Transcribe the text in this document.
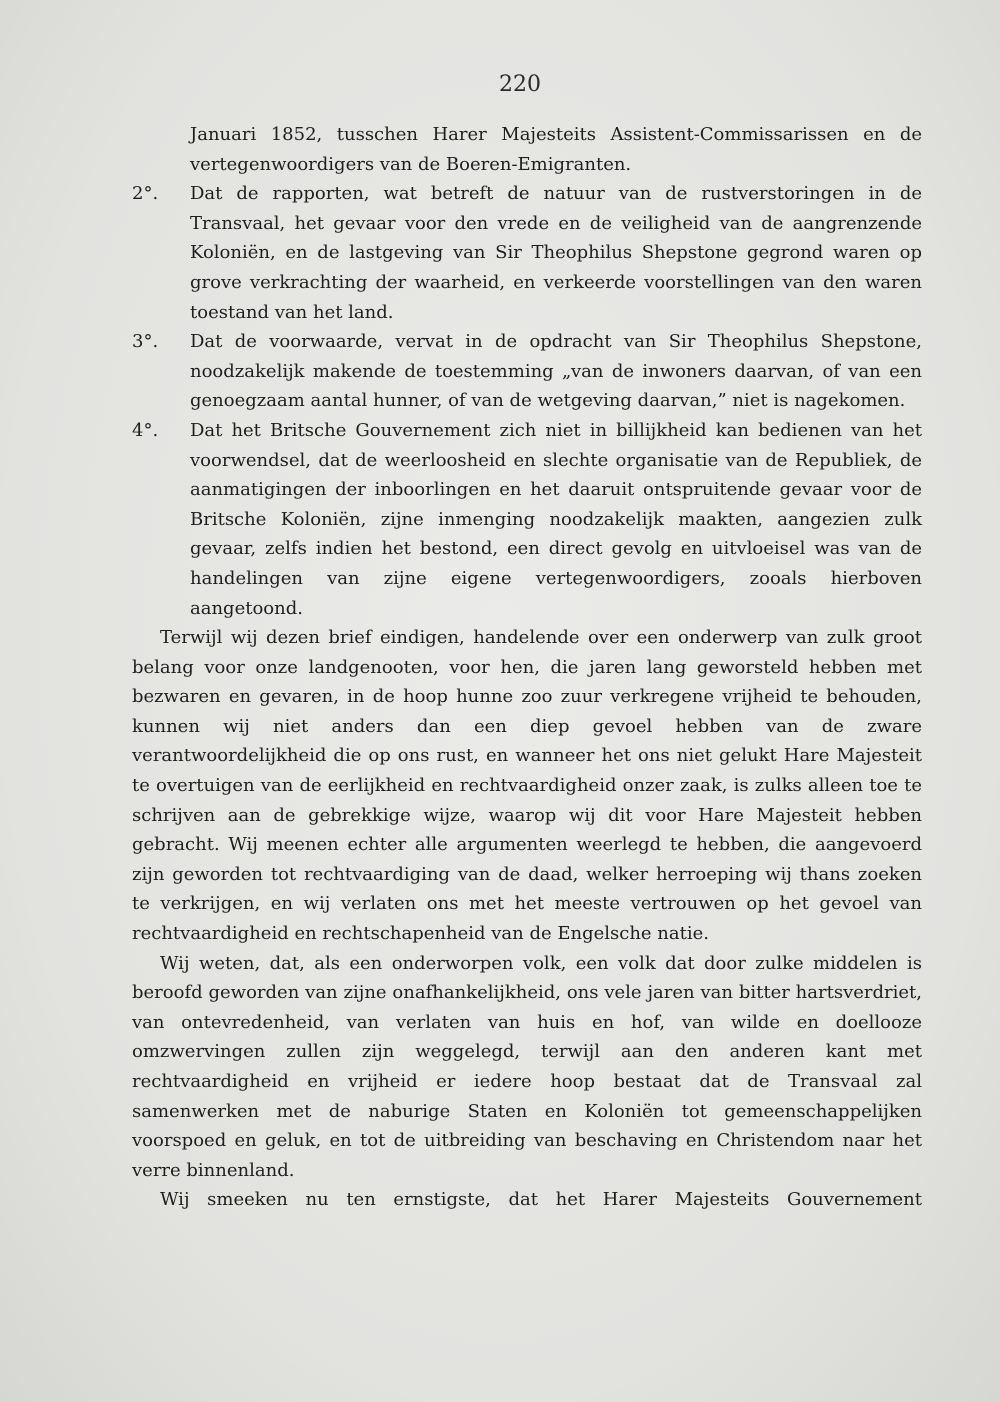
220

Januari 1852, tusschen Harer Majesteits Assistent-Commissarissen en de vertegenwoordigers van de Boeren-Emigranten.

2°.	Dat de rapporten, wat betreft de natuur van de rustverstoringen in de Transvaal, het gevaar voor den vrede en de veiligheid van de aangrenzende Koloniën, en de lastgeving van Sir Theophilus Shepstone gegrond waren op grove verkrachting der waarheid, en verkeerde voorstellingen van den waren toestand van het land.
3°.	Dat de voorwaarde, vervat in de opdracht van Sir Theophilus Shepstone, noodzakelijk makende de toestemming „van de inwoners daarvan, of van een genoegzaam aantal hunner, of van de wetgeving daarvan,” niet is nagekomen.
4°.	Dat het Britsche Gouvernement zich niet in billijkheid kan bedienen van het voorwendsel, dat de weerloosheid en slechte organisatie van de Republiek, de aanmatigingen der inboorlingen en het daaruit ontspruitende gevaar voor de Britsche Koloniën, zijne inmenging noodzakelijk maakten, aangezien zulk gevaar, zelfs indien het bestond, een direct gevolg en uitvloeisel was van de handelingen van zijne eigene vertegenwoordigers, zooals hierboven aangetoond.

Terwijl wij dezen brief eindigen, handelende over een onderwerp van zulk groot belang voor onze landgenooten, voor hen, die jaren lang geworsteld hebben met bezwaren en gevaren, in de hoop hunne zoo zuur verkregene vrijheid te behouden, kunnen wij niet anders dan een diep gevoel hebben van de zware verantwoordelijkheid die op ons rust, en wanneer het ons niet gelukt Hare Majesteit te overtuigen van de eerlijkheid en rechtvaardigheid onzer zaak, is zulks alleen toe te schrijven aan de gebrekkige wijze, waarop wij dit voor Hare Majesteit hebben gebracht. Wij meenen echter alle argumenten weerlegd te hebben, die aangevoerd zijn geworden tot rechtvaardiging van de daad, welker herroeping wij thans zoeken te verkrijgen, en wij verlaten ons met het meeste vertrouwen op het gevoel van rechtvaardigheid en rechtschapenheid van de Engelsche natie.

Wij weten, dat, als een onderworpen volk, een volk dat door zulke middelen is beroofd geworden van zijne onafhankelijkheid, ons vele jaren van bitter hartsverdriet, van ontevredenheid, van verlaten van huis en hof, van wilde en doellooze omzwervingen zullen zijn weggelegd, terwijl aan den anderen kant met rechtvaardigheid en vrijheid er iedere hoop bestaat dat de Transvaal zal samenwerken met de naburige Staten en Koloniën tot gemeenschappelijken voorspoed en geluk, en tot de uitbreiding van beschaving en Christendom naar het verre binnenland.

Wij smeeken nu ten ernstigste, dat het Harer Majesteits Gouvernement
